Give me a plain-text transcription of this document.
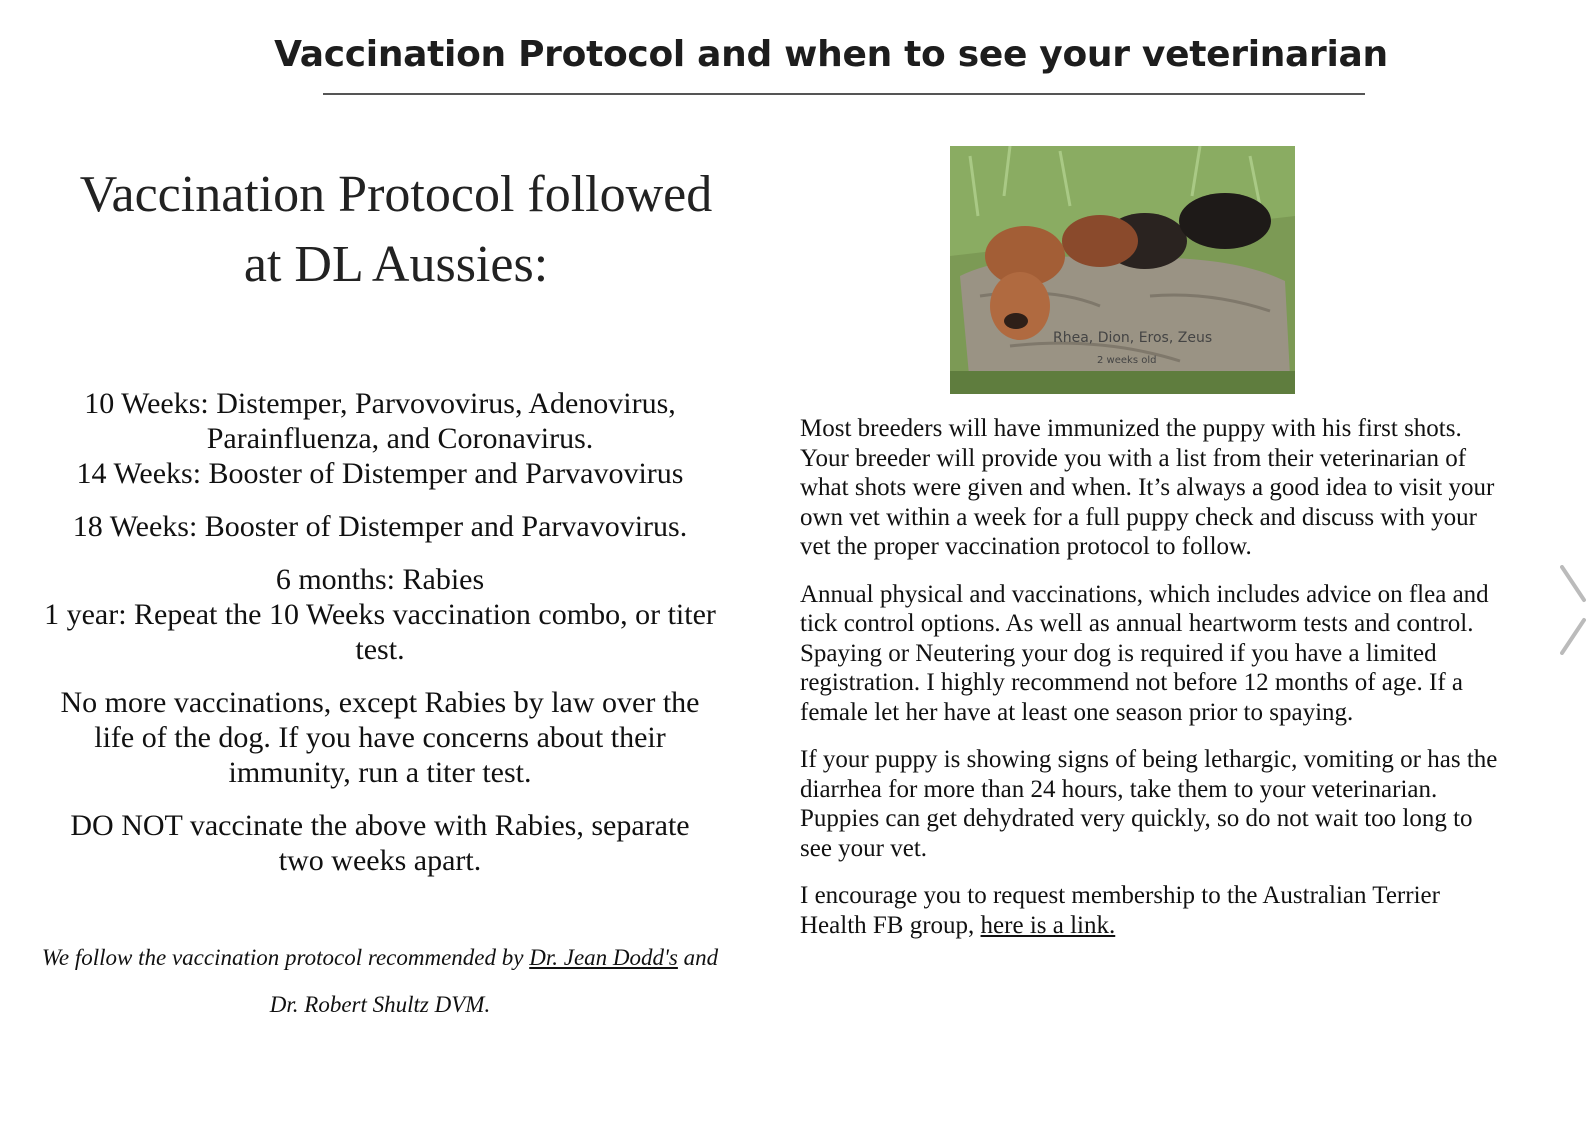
Vaccination Protocol and when to see your veterinarian
Vaccination Protocol followed
at DL Aussies:

10 Weeks: Distemper, Parvovovirus, Adenovirus,
Parainfluenza, and Coronavirus.

14 Weeks: Booster of Distemper and Parvavovirus

18 Weeks: Booster of Distemper and Parvavovirus.

6 months: Rabies

1 year: Repeat the 10 Weeks vaccination combo, or titer test.

No more vaccinations, except Rabies by law over the life of the dog. If you have concerns about their immunity, run a titer test.

DO NOT vaccinate the above with Rabies, separate two weeks apart.

We follow the vaccination protocol recommended by Dr. Jean Dodd's and
Dr. Robert Shultz DVM.
Rhea, Dion, Eros, Zeus
2 weeks old

Most breeders will have immunized the puppy with his first shots. Your breeder will provide you with a list from their veterinarian of what shots were given and when. It’s always a good idea to visit your own vet within a week for a full puppy check and discuss with your vet the proper vaccination protocol to follow.

Annual physical and vaccinations, which includes advice on flea and tick control options. As well as annual heartworm tests and control. Spaying or Neutering your dog is required if you have a limited registration. I highly recommend not before 12 months of age. If a female let her have at least one season prior to spaying.

If your puppy is showing signs of being lethargic, vomiting or has the diarrhea for more than 24 hours, take them to your veterinarian. Puppies can get dehydrated very quickly, so do not wait too long to see your vet.

I encourage you to request membership to the Australian Terrier Health FB group, here is a link.
